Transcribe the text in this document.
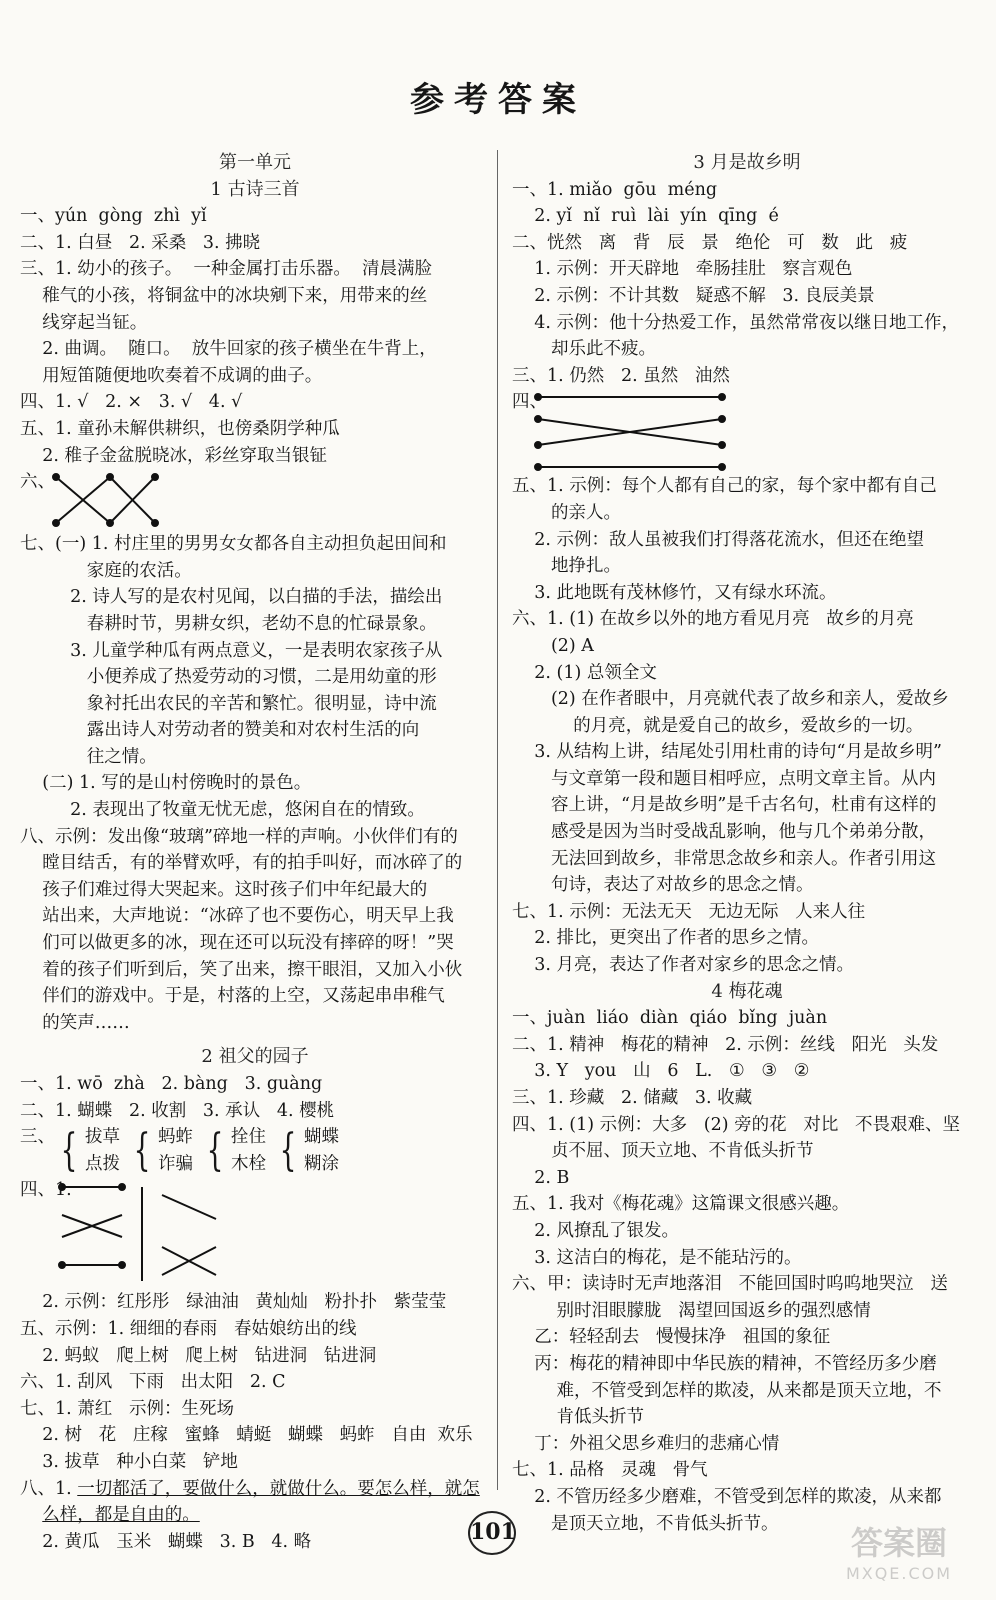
参考答案
第一单元
1 古诗三首
一、yún  gòng  zhì  yǐ
二、1. 白昼   2. 采桑   3. 拂晓
三、1. 幼小的孩子。  一种金属打击乐器。  清晨满脸
稚气的小孩，将铜盆中的冰块剜下来，用带来的丝
线穿起当钲。
2. 曲调。  随口。  放牛回家的孩子横坐在牛背上，
用短笛随便地吹奏着不成调的曲子。
四、1. √   2. ×   3. √   4. √
五、1. 童孙未解供耕织，也傍桑阴学种瓜
2. 稚子金盆脱晓冰，彩丝穿取当银钲
六、
七、(一) 1. 村庄里的男男女女都各自主动担负起田间和
家庭的农活。
2. 诗人写的是农村见闻，以白描的手法，描绘出
春耕时节，男耕女织，老幼不息的忙碌景象。
3. 儿童学种瓜有两点意义，一是表明农家孩子从
小便养成了热爱劳动的习惯，二是用幼童的形
象衬托出农民的辛苦和繁忙。很明显，诗中流
露出诗人对劳动者的赞美和对农村生活的向
往之情。
(二) 1. 写的是山村傍晚时的景色。
2. 表现出了牧童无忧无虑，悠闲自在的情致。
八、示例：发出像“玻璃”碎地一样的声响。小伙伴们有的
瞠目结舌，有的举臂欢呼，有的拍手叫好，而冰碎了的
孩子们难过得大哭起来。这时孩子们中年纪最大的
站出来，大声地说：“冰碎了也不要伤心，明天早上我
们可以做更多的冰，现在还可以玩没有摔碎的呀！”哭
着的孩子们听到后，笑了出来，擦干眼泪，又加入小伙
伴们的游戏中。于是，村落的上空，又荡起串串稚气
的笑声……
2 祖父的园子
一、1. wō  zhà   2. bàng   3. guàng
二、1. 蝴蝶   2. 收割   3. 承认   4. 樱桃
三、 { 拔草
点拨 { 蚂蚱
诈骗 { 拴住
木栓 { 蝴蝶
糊涂
四、1.
2. 示例：红彤彤   绿油油   黄灿灿   粉扑扑   紫莹莹
五、示例：1. 细细的春雨   春姑娘纺出的线
2. 蚂蚁   爬上树   爬上树   钻进洞   钻进洞
六、1. 刮风   下雨   出太阳   2. C
七、1. 萧红   示例：生死场
2. 树   花   庄稼   蜜蜂   蜻蜓   蝴蝶   蚂蚱   自由  欢乐
3. 拔草   种小白菜   铲地
八、1. 一切都活了，要做什么，就做什么。要怎么样，就怎
么样，都是自由的。
2. 黄瓜   玉米   蝴蝶   3. B   4. 略
3 月是故乡明
一、1. miǎo  gōu  méng
2. yǐ  nǐ  ruì  lài  yín  qīng  é
二、恍然   离   背   辰   景   绝伦   可   数   此   疲
1. 示例：开天辟地   牵肠挂肚   察言观色
2. 示例：不计其数   疑惑不解   3. 良辰美景
4. 示例：他十分热爱工作，虽然常常夜以继日地工作，
却乐此不疲。
三、1. 仍然   2. 虽然   油然
四、
五、1. 示例：每个人都有自己的家，每个家中都有自己
的亲人。
2. 示例：敌人虽被我们打得落花流水，但还在绝望
地挣扎。
3. 此地既有茂林修竹，又有绿水环流。
六、1. (1) 在故乡以外的地方看见月亮   故乡的月亮
(2) A
2. (1) 总领全文
(2) 在作者眼中，月亮就代表了故乡和亲人，爱故乡
的月亮，就是爱自己的故乡，爱故乡的一切。
3. 从结构上讲，结尾处引用杜甫的诗句“月是故乡明”
与文章第一段和题目相呼应，点明文章主旨。从内
容上讲，“月是故乡明”是千古名句，杜甫有这样的
感受是因为当时受战乱影响，他与几个弟弟分散，
无法回到故乡，非常思念故乡和亲人。作者引用这
句诗，表达了对故乡的思念之情。
七、1. 示例：无法无天   无边无际   人来人往
2. 排比，更突出了作者的思乡之情。
3. 月亮，表达了作者对家乡的思念之情。
4 梅花魂
一、juàn  liáo  diàn  qiáo  bǐng  juàn
二、1. 精神   梅花的精神   2. 示例：丝线   阳光   头发
3. Y   you   山   6   L.   ①   ③   ②
三、1. 珍藏   2. 储藏   3. 收藏
四、1. (1) 示例：大多   (2) 旁的花   对比   不畏艰难、坚
贞不屈、顶天立地、不肯低头折节
2. B
五、1. 我对《梅花魂》这篇课文很感兴趣。
2. 风撩乱了银发。
3. 这洁白的梅花，是不能玷污的。
六、甲：读诗时无声地落泪   不能回国时呜呜地哭泣   送
别时泪眼朦胧   渴望回国返乡的强烈感情
乙：轻轻刮去   慢慢抹净   祖国的象征
丙：梅花的精神即中华民族的精神，不管经历多少磨
难，不管受到怎样的欺凌，从来都是顶天立地，不
肯低头折节
丁：外祖父思乡难归的悲痛心情
七、1. 品格   灵魂   骨气
2. 不管历经多少磨难，不管受到怎样的欺凌，从来都
是顶天立地，不肯低头折节。
101	答案圈
MXQE.COM
